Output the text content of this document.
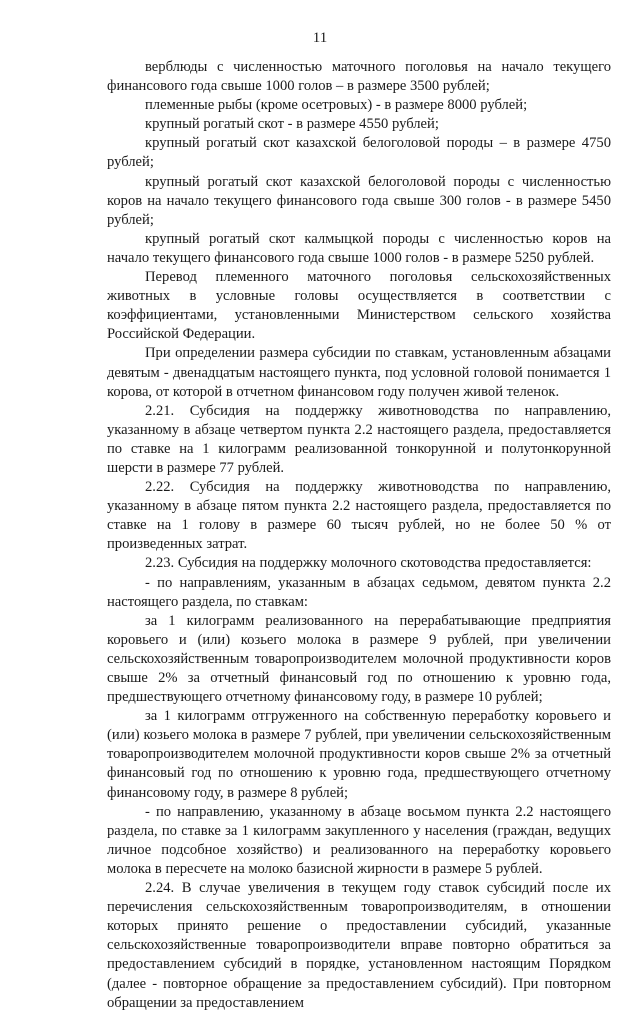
11

верблюды с численностью маточного поголовья на начало текущего финансового года свыше 1000 голов – в размере 3500 рублей;

племенные рыбы (кроме осетровых) - в размере 8000 рублей;

крупный рогатый скот - в размере 4550 рублей;

крупный рогатый скот казахской белоголовой породы – в размере 4750 рублей;

крупный рогатый скот казахской белоголовой породы с численностью коров на начало текущего финансового года свыше 300 голов - в размере 5450 рублей;

крупный рогатый скот калмыцкой породы с численностью коров на начало текущего финансового года свыше 1000 голов - в размере 5250 рублей.

Перевод племенного маточного поголовья сельскохозяйственных животных в условные головы осуществляется в соответствии с коэффициентами, установленными Министерством сельского хозяйства Российской Федерации.

При определении размера субсидии по ставкам, установленным абзацами девятым - двенадцатым настоящего пункта, под условной головой понимается 1 корова, от которой в отчетном финансовом году получен живой теленок.

2.21. Субсидия на поддержку животноводства по направлению, указанному в абзаце четвертом пункта 2.2 настоящего раздела, предоставляется по ставке на 1 килограмм реализованной тонкорунной и полутонкорунной шерсти в размере 77 рублей.

2.22. Субсидия на поддержку животноводства по направлению, указанному в абзаце пятом пункта 2.2 настоящего раздела, предоставляется по ставке на 1 голову в размере 60 тысяч рублей, но не более 50 % от произведенных затрат.

2.23. Субсидия на поддержку молочного скотоводства предоставляется:

- по направлениям, указанным в абзацах седьмом, девятом пункта 2.2 настоящего раздела, по ставкам:

за 1 килограмм реализованного на перерабатывающие предприятия коровьего и (или) козьего молока в размере 9 рублей, при увеличении сельскохозяйственным товаропроизводителем молочной продуктивности коров свыше 2% за отчетный финансовый год по отношению к уровню года, предшествующего отчетному финансовому году, в размере 10 рублей;

за 1 килограмм отгруженного на собственную переработку коровьего и (или) козьего молока в размере 7 рублей, при увеличении сельскохозяйственным товаропроизводителем молочной продуктивности коров свыше 2% за отчетный финансовый год по отношению к уровню года, предшествующего отчетному финансовому году, в размере 8 рублей;

- по направлению, указанному в абзаце восьмом пункта 2.2 настоящего раздела, по ставке за 1 килограмм закупленного у населения (граждан, ведущих личное подсобное хозяйство) и реализованного на переработку коровьего молока в пересчете на молоко базисной жирности в размере 5 рублей.

2.24. В случае увеличения в текущем году ставок субсидий после их перечисления сельскохозяйственным товаропроизводителям, в отношении которых принято решение о предоставлении субсидий, указанные сельскохозяйственные товаропроизводители вправе повторно обратиться за предоставлением субсидий в порядке, установленном настоящим Порядком (далее - повторное обращение за предоставлением субсидий). При повторном обращении за предоставлением
